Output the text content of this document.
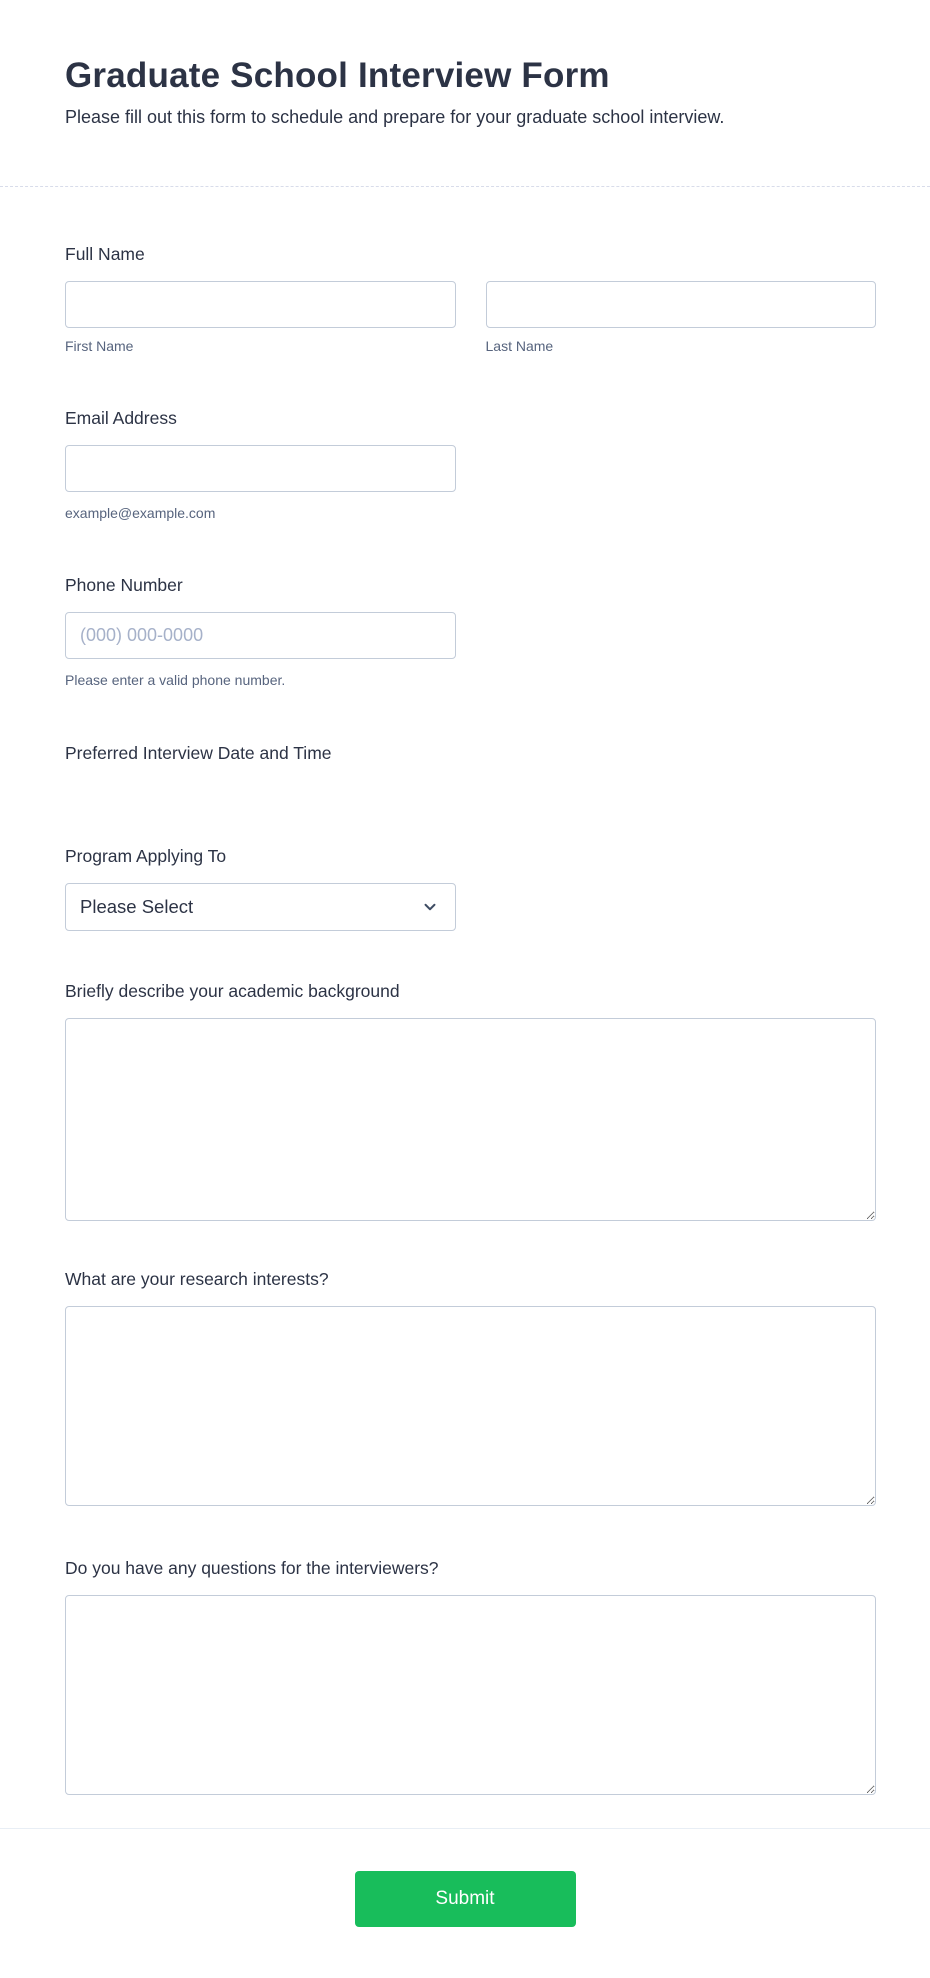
Graduate School Interview Form
Please fill out this form to schedule and prepare for your graduate school interview.
Full Name
First Name	Last Name
Email Address
example@example.com
Phone Number
(000) 000-0000
Please enter a valid phone number.
Preferred Interview Date and Time
Program Applying To
Please Select
Briefly describe your academic background
What are your research interests?
Do you have any questions for the interviewers?
Submit
